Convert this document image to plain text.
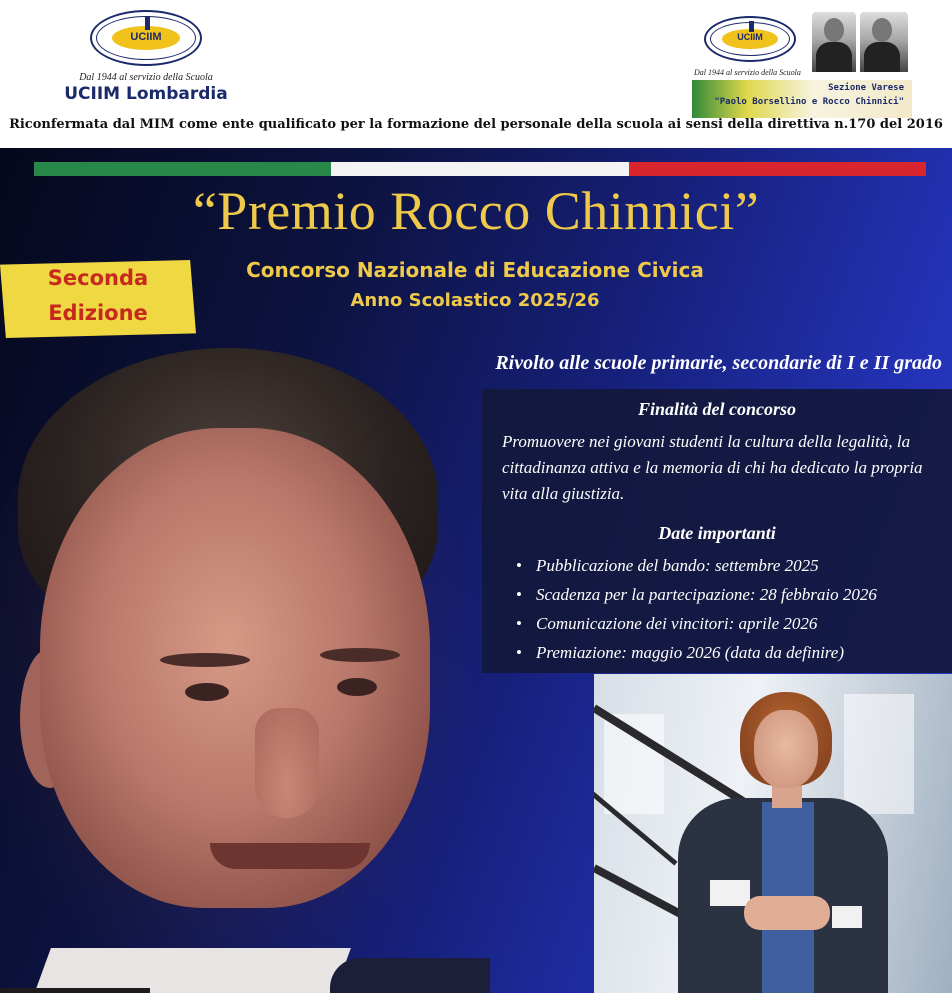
UCIIM
Dal 1944 al servizio della Scuola
UCIIM Lombardia
UCIIM
Dal 1944 al servizio della Scuola
Sezione Varese
"Paolo Borsellino e Rocco Chinnici"
Riconfermata dal MIM come ente qualificato per la formazione del personale della scuola ai sensi della direttiva n.170 del 2016
“Premio Rocco Chinnici”
Seconda
Edizione
Concorso Nazionale di Educazione Civica
Anno Scolastico 2025/26
Rivolto alle scuole primarie, secondarie di I e II grado
Finalità del concorso
Promuovere nei giovani studenti la cultura della legalità, la cittadinanza attiva e la memoria di chi ha dedicato la propria vita alla giustizia.
Date importanti
• Pubblicazione del bando: settembre 2025
• Scadenza per la partecipazione: 28 febbraio 2026
• Comunicazione dei vincitori: aprile 2026
• Premiazione: maggio 2026 (data da definire)
